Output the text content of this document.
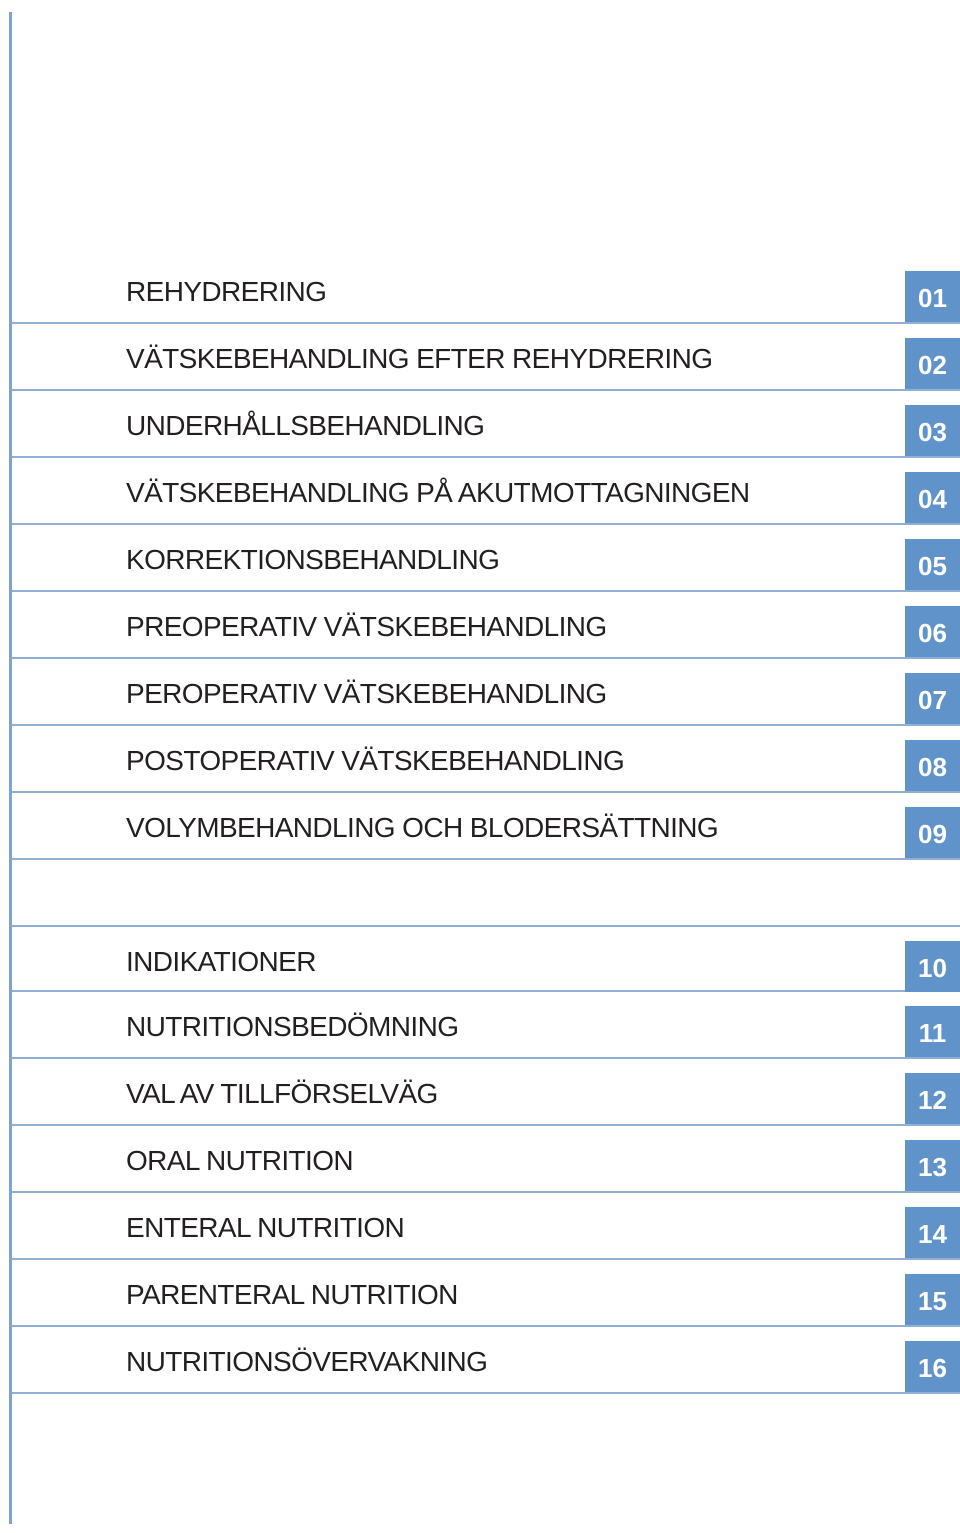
REHYDRERING	01
VÄTSKEBEHANDLING EFTER REHYDRERING	02
UNDERHÅLLSBEHANDLING	03
VÄTSKEBEHANDLING PÅ AKUTMOTTAGNINGEN	04
KORREKTIONSBEHANDLING	05
PREOPERATIV VÄTSKEBEHANDLING	06
PEROPERATIV VÄTSKEBEHANDLING	07
POSTOPERATIV VÄTSKEBEHANDLING	08
VOLYMBEHANDLING OCH BLODERSÄTTNING	09
INDIKATIONER	10
NUTRITIONSBEDÖMNING	11
VAL AV TILLFÖRSELVÄG	12
ORAL NUTRITION	13
ENTERAL NUTRITION	14
PARENTERAL NUTRITION	15
NUTRITIONSÖVERVAKNING	16
